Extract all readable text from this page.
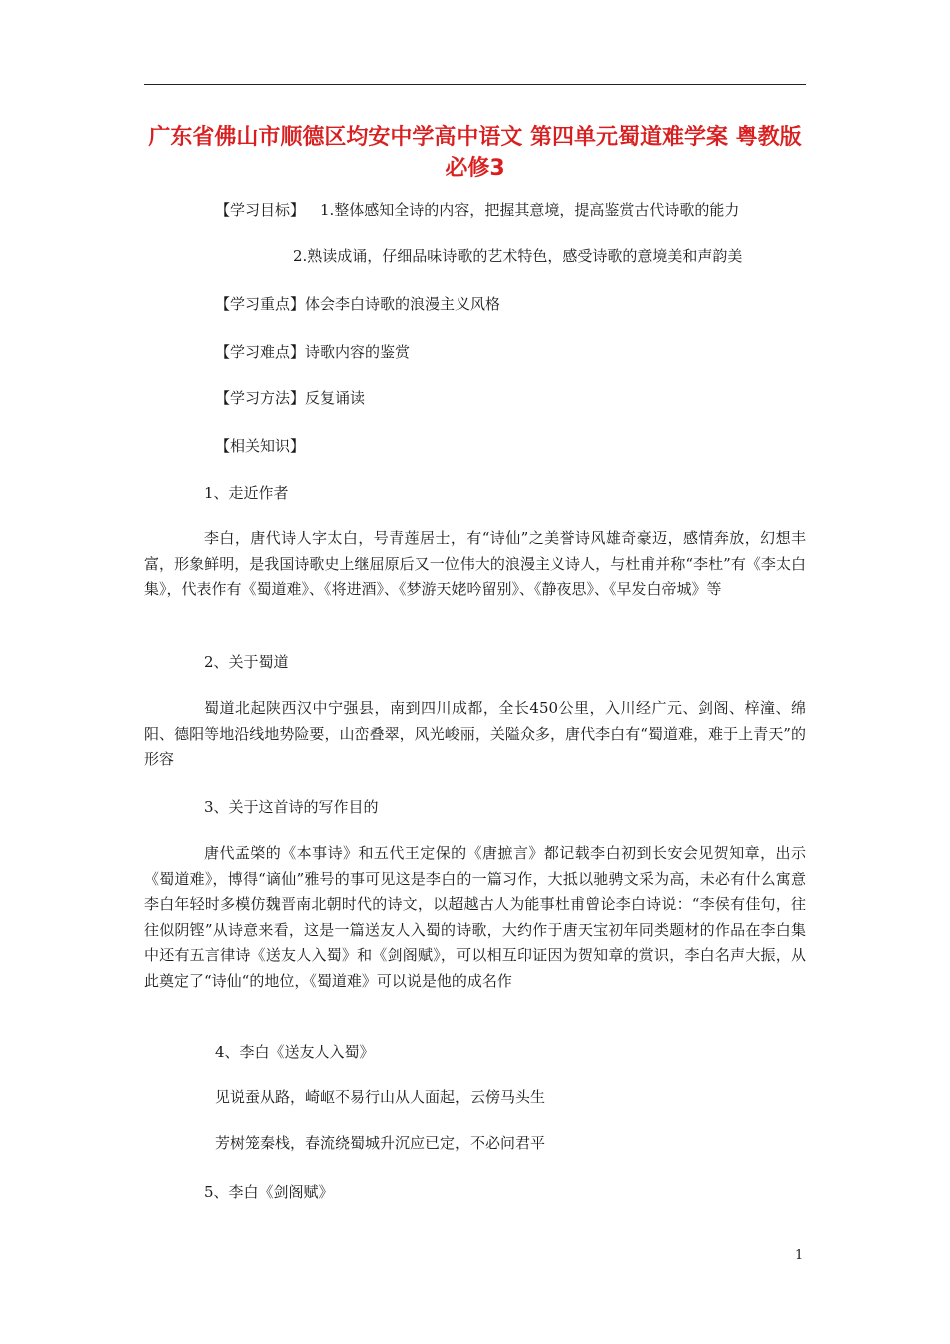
广东省佛山市顺德区均安中学高中语文 第四单元蜀道难学案 粤教版必修3
【学习目标】 1.整体感知全诗的内容，把握其意境，提高鉴赏古代诗歌的能力
2.熟读成诵，仔细品味诗歌的艺术特色，感受诗歌的意境美和声韵美
【学习重点】体会李白诗歌的浪漫主义风格
【学习难点】诗歌内容的鉴赏
【学习方法】反复诵读
【相关知识】
1、走近作者
李白，唐代诗人字太白，号青莲居士，有“诗仙”之美誉诗风雄奇豪迈，感情奔放，幻想丰富，形象鲜明，是我国诗歌史上继屈原后又一位伟大的浪漫主义诗人，与杜甫并称“李杜”有《李太白集》，代表作有《蜀道难》、《将进酒》、《梦游天姥吟留别》、《静夜思》、《早发白帝城》等
2、关于蜀道
蜀道北起陕西汉中宁强县，南到四川成都，全长450公里，入川经广元、剑阁、梓潼、绵阳、德阳等地沿线地势险要，山峦叠翠，风光峻丽，关隘众多，唐代李白有“蜀道难，难于上青天”的形容
3、关于这首诗的写作目的
唐代孟棨的《本事诗》和五代王定保的《唐摭言》都记载李白初到长安会见贺知章，出示《蜀道难》，博得“谪仙”雅号的事可见这是李白的一篇习作，大抵以驰骋文采为高，未必有什么寓意李白年轻时多模仿魏晋南北朝时代的诗文，以超越古人为能事杜甫曾论李白诗说：“李侯有佳句，往往似阴铿”从诗意来看，这是一篇送友人入蜀的诗歌，大约作于唐天宝初年同类题材的作品在李白集中还有五言律诗《送友人入蜀》和《剑阁赋》，可以相互印证因为贺知章的赏识，李白名声大振，从此奠定了“诗仙“的地位，《蜀道难》可以说是他的成名作
4、李白《送友人入蜀》
见说蚕从路，崎岖不易行山从人面起，云傍马头生
芳树笼秦栈，春流绕蜀城升沉应已定，不必问君平
5、李白《剑阁赋》
1
